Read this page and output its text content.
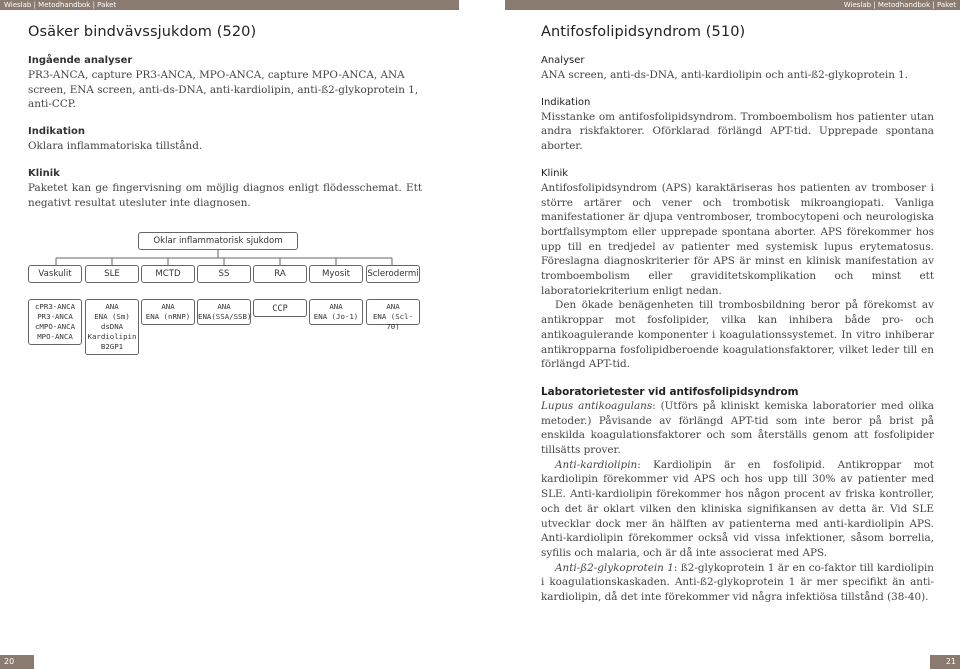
Wieslab | Metodhandbok | Paket	Wieslab | Metodhandbok | Paket
Osäker bindvävssjukdom (520)
Ingående analyser

PR3-ANCA, capture PR3-ANCA, MPO-ANCA, capture MPO-ANCA, ANA screen, ENA screen, anti-ds-DNA, anti-kardiolipin, anti-ß2-glykoprotein 1, anti-CCP.

Indikation

Oklara inflammatoriska tillstånd.

Klinik

Paketet kan ge fingervisning om möjlig diagnos enligt flödesschemat. Ett negativt resultat utesluter inte diagnosen.

Oklar inflammatorisk sjukdom
Vaskulit	SLE	MCTD	SS	RA	Myosit	Sclerodermi
cPR3-ANCA
PR3-ANCA
cMPO-ANCA
MPO-ANCA
ANA
ENA (Sm)
dsDNA
Kardiolipin
B2GP1
ANA
ENA (nRNP)
ANA
ENA(SSA/SSB)
CCP	ANA
ENA (Jo-1)
ANA
ENA (Scl-70)
Antifosfolipidsyndrom (510)
Analyser

ANA screen, anti-ds-DNA, anti-kardiolipin och anti-ß2-glykoprotein 1.

Indikation

Misstanke om antifosfolipidsyndrom. Tromboembolism hos patienter utan andra riskfaktorer. Oförklarad förlängd APT-tid. Upprepade spontana aborter.

Klinik

Antifosfolipidsyndrom (APS) karaktäriseras hos patienten av tromboser i större artärer och vener och trombotisk mikroangiopati. Vanliga manifestationer är djupa ventromboser, trombocytopeni och neurologiska bortfallsymptom eller upprepade spontana aborter. APS förekommer hos upp till en tredjedel av patienter med systemisk lupus erytematosus. Föreslagna diagnoskriterier för APS är minst en klinisk manifestation av tromboembolism eller graviditetskomplikation och minst ett laboratoriekriterium enligt nedan.

Den ökade benägenheten till trombosbildning beror på förekomst av antikroppar mot fosfolipider, vilka kan inhibera både pro- och antikoagulerande komponenter i koagulationssystemet. In vitro inhiberar antikropparna fosfolipidberoende koagulationsfaktorer, vilket leder till en förlängd APT-tid.

Laboratorietester vid antifosfolipidsyndrom

Lupus antikoagulans: (Utförs på kliniskt kemiska laboratorier med olika metoder.) Påvisande av förlängd APT-tid som inte beror på brist på enskilda koagulationsfaktorer och som återställs genom att fosfolipider tillsätts prover.

Anti-kardiolipin: Kardiolipin är en fosfolipid. Antikroppar mot kardiolipin förekommer vid APS och hos upp till 30% av patienter med SLE. Anti-kardiolipin förekommer hos någon procent av friska kontroller, och det är oklart vilken den kliniska signifikansen av detta är. Vid SLE utvecklar dock mer än hälften av patienterna med anti-kardiolipin APS. Anti-kardiolipin förekommer också vid vissa infektioner, såsom borrelia, syfilis och malaria, och är då inte associerat med APS.

Anti-ß2-glykoprotein 1: ß2-glykoprotein 1 är en co-faktor till kardiolipin i koagulationskaskaden. Anti-ß2-glykoprotein 1 är mer specifikt än anti-kardiolipin, då det inte förekommer vid några infektiösa tillstånd (38-40).

20	21
